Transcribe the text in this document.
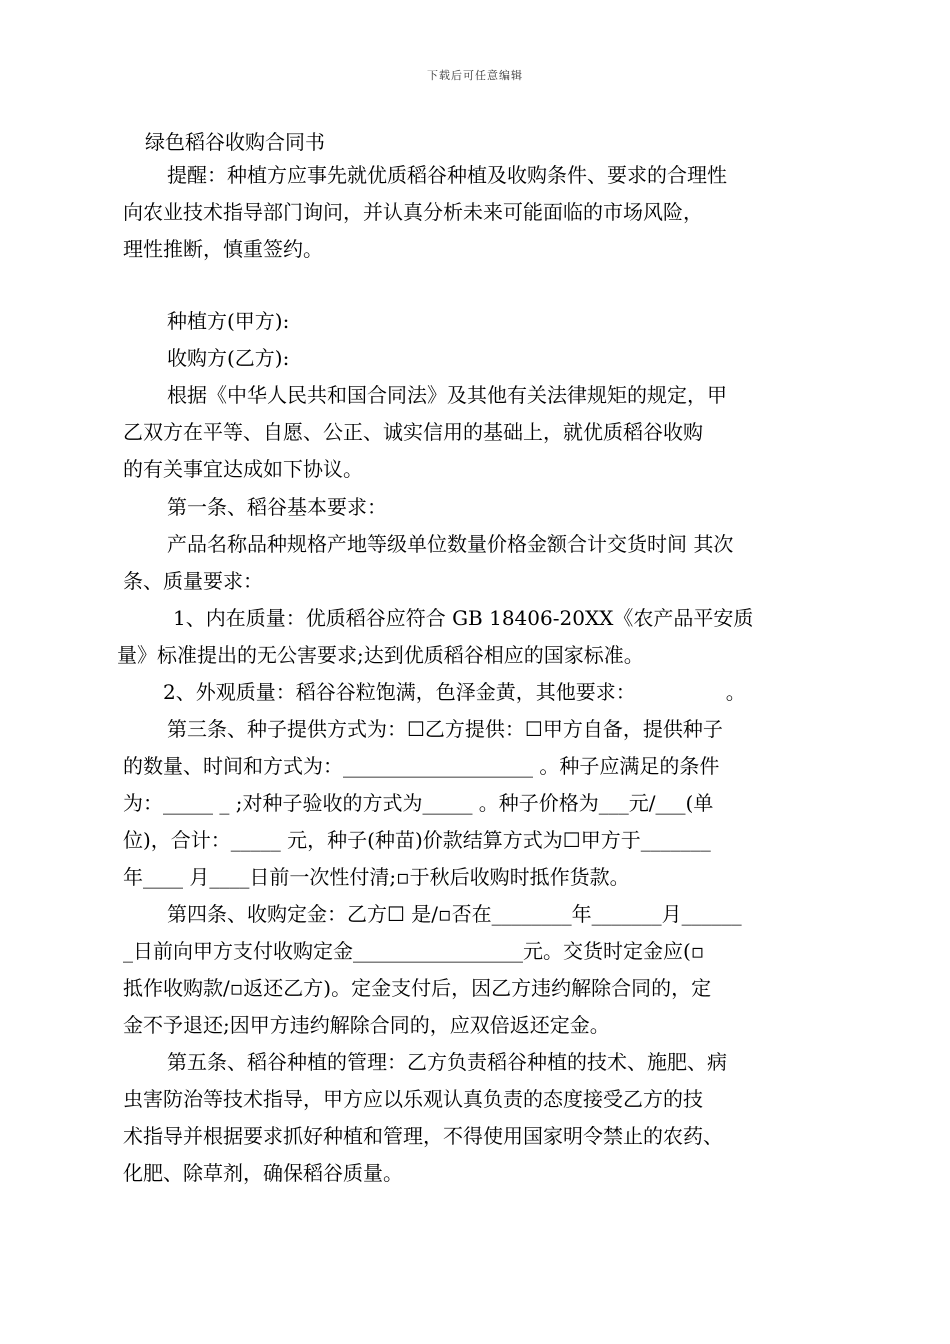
下载后可任意编辑
绿色稻谷收购合同书
提醒：种植方应事先就优质稻谷种植及收购条件、要求的合理性
向农业技术指导部门询问，并认真分析未来可能面临的市场风险，
理性推断，慎重签约。
种植方(甲方):
收购方(乙方):
根据《中华人民共和国合同法》及其他有关法律规矩的规定，甲
乙双方在平等、自愿、公正、诚实信用的基础上，就优质稻谷收购
的有关事宜达成如下协议。
第一条、稻谷基本要求：
产品名称品种规格产地等级单位数量价格金额合计交货时间 其次
条、质量要求：
1、内在质量：优质稻谷应符合 GB 18406-20XX《农产品平安质
量》标准提出的无公害要求;达到优质稻谷相应的国家标准。
2、外观质量：稻谷谷粒饱满，色泽金黄，其他要求：　　　　　。
第三条、种子提供方式为：☐乙方提供：☐甲方自备，提供种子
的数量、时间和方式为：___________________ 。种子应满足的条件
为：_____ _ ;对种子验收的方式为_____ 。种子价格为___元/___(单
位)，合计：_____ 元，种子(种苗)价款结算方式为☐甲方于_______
年____ 月____日前一次性付清;▫于秋后收购时抵作货款。
第四条、收购定金：乙方☐ 是/▫否在________年_______月______
_日前向甲方支付收购定金_________________元。交货时定金应(▫
抵作收购款/▫返还乙方)。定金支付后，因乙方违约解除合同的，定
金不予退还;因甲方违约解除合同的，应双倍返还定金。
第五条、稻谷种植的管理：乙方负责稻谷种植的技术、施肥、病
虫害防治等技术指导，甲方应以乐观认真负责的态度接受乙方的技
术指导并根据要求抓好种植和管理，不得使用国家明令禁止的农药、
化肥、除草剂，确保稻谷质量。
